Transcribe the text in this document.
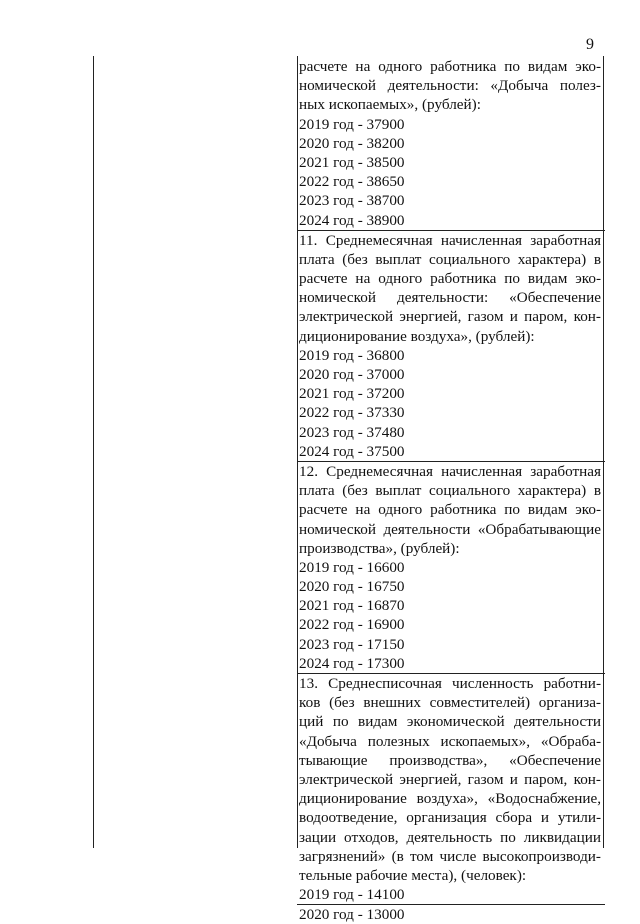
9
расчете на одного работника по видам эко-
номической деятельности: «Добыча полез-
ных ископаемых», (рублей):
2019 год - 37900
2020 год - 38200
2021 год - 38500
2022 год - 38650
2023 год - 38700
2024 год - 38900
11. Среднемесячная начисленная заработная
плата (без выплат социального характера) в
расчете на одного работника по видам эко-
номической деятельности: «Обеспечение
электрической энергией, газом и паром, кон-
диционирование воздуха», (рублей):
2019 год - 36800
2020 год - 37000
2021 год - 37200
2022 год - 37330
2023 год - 37480
2024 год - 37500
12. Среднемесячная начисленная заработная
плата (без выплат социального характера) в
расчете на одного работника по видам эко-
номической деятельности «Обрабатывающие
производства», (рублей):
2019 год - 16600
2020 год - 16750
2021 год - 16870
2022 год - 16900
2023 год - 17150
2024 год - 17300
13. Среднесписочная численность работни-
ков (без внешних совместителей) организа-
ций по видам экономической деятельности
«Добыча полезных ископаемых», «Обраба-
тывающие производства», «Обеспечение
электрической энергией, газом и паром, кон-
диционирование воздуха», «Водоснабжение,
водоотведение, организация сбора и утили-
зации отходов, деятельность по ликвидации
загрязнений» (в том числе высокопроизводи-
тельные рабочие места), (человек):
2019 год - 14100
2020 год - 13000
